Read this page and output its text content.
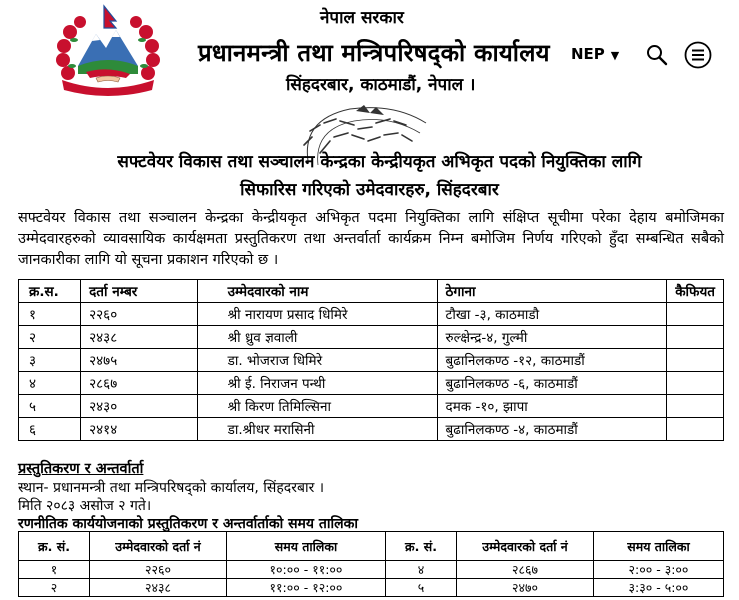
नेपाल सरकार
प्रधानमन्त्री तथा मन्त्रिपरिषद्को कार्यालय
सिंहदरबार, काठमाडौं, नेपाल ।
NEP ▼
सफ्टवेयर विकास तथा सञ्चालन केन्द्रका केन्द्रीयकृत अभिकृत पदको नियुक्तिका लागि
सिफारिस गरिएको उमेदवारहरु, सिंहदरबार
सफ्टवेयर विकास तथा सञ्चालन केन्द्रका केन्द्रीयकृत अभिकृत पदमा नियुक्तिका लागि संक्षिप्त सूचीमा परेका देहाय बमोजिमका उम्मेदवारहरुको व्यावसायिक कार्यक्षमता प्रस्तुतिकरण तथा अन्तर्वार्ता कार्यक्रम निम्न बमोजिम निर्णय गरिएको हुँदा सम्बन्धित सबैको जानकारीका लागि यो सूचना प्रकाशन गरिएको छ ।
क्र.स.	दर्ता नम्बर	उम्मेदवारको नाम	ठेगाना	कैफियत
१	२२६०	श्री नारायण प्रसाद धिमिरे	टौखा -३, काठमाडौ	
२	२४३८	श्री ध्रुव ज्ञवाली	रुल्क्षेन्द्र-४, गुल्मी	
३	२४७५	डा. भोजराज धिमिरे	बुढानिलकण्ठ -१२, काठमाडौं	
४	२८६७	श्री ई. निराजन पन्थी	बुढानिलकण्ठ -६, काठमाडौं	
५	२४३०	श्री किरण तिमिल्सिना	दमक -१०, झापा	
६	२४१४	डा.श्रीधर मरासिनी	बुढानिलकण्ठ -४, काठमाडौं	
प्रस्तुतिकरण र अन्तर्वार्ता
स्थान- प्रधानमन्त्री तथा मन्त्रिपरिषद्को कार्यालय, सिंहदरबार ।
मिति २०८३ असोज २ गते।
रणनीतिक कार्ययोजनाको प्रस्तुतिकरण र अन्तर्वार्ताको समय तालिका
क्र. सं.	उम्मेदवारको दर्ता नं	समय तालिका	क्र. सं.	उम्मेदवारको दर्ता नं	समय तालिका
१	२२६०	१०:०० - ११:००	४	२८६७	२:०० - ३:००
२	२४३८	११:०० - १२:००	५	२४७०	३:३० - ५:००
